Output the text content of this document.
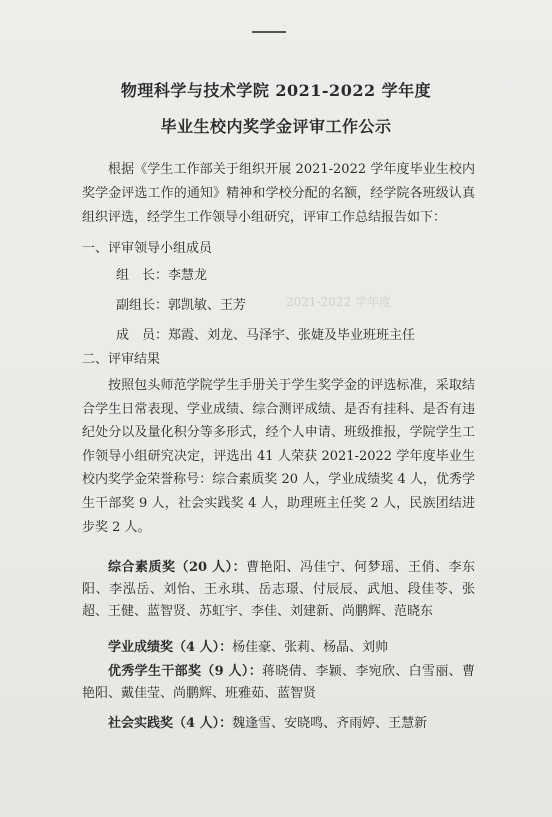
物理科学与技术学院 2021-2022 学年度
毕业生校内奖学金评审工作公示
根据《学生工作部关于组织开展 2021-2022 学年度毕业生校内奖学金评选工作的通知》精神和学校分配的名额，经学院各班级认真组织评选，经学生工作领导小组研究，评审工作总结报告如下：
一、评审领导小组成员
组　长：李慧龙
副组长：郭凯敏、王芳
成　员：郑霞、刘龙、马泽宇、张婕及毕业班班主任
2021-2022 学年度
二、评审结果
按照包头师范学院学生手册关于学生奖学金的评选标准，采取结合学生日常表现、学业成绩、综合测评成绩、是否有挂科、是否有违纪处分以及量化积分等多形式，经个人申请、班级推报，学院学生工作领导小组研究决定，评选出 41 人荣获 2021-2022 学年度毕业生校内奖学金荣誉称号：综合素质奖 20 人，学业成绩奖 4 人，优秀学生干部奖 9 人，社会实践奖 4 人，助理班主任奖 2 人，民族团结进步奖 2 人。
综合素质奖（20 人）：曹艳阳、冯佳宁、何梦瑶、王俏、李东阳、李泓岳、刘怡、王永琪、岳志璟、付辰辰、武旭、段佳苓、张超、王健、蓝智贤、苏虹宇、李佳、刘建新、尚鹏辉、范晓东
学业成绩奖（4 人）：杨佳豪、张莉、杨晶、刘帅
优秀学生干部奖（9 人）：蒋晓倩、李颖、李宛欣、白雪丽、曹艳阳、戴佳莹、尚鹏辉、班雅茹、蓝智贤
社会实践奖（4 人）：魏逢雪、安晓鸣、齐雨婷、王慧新
